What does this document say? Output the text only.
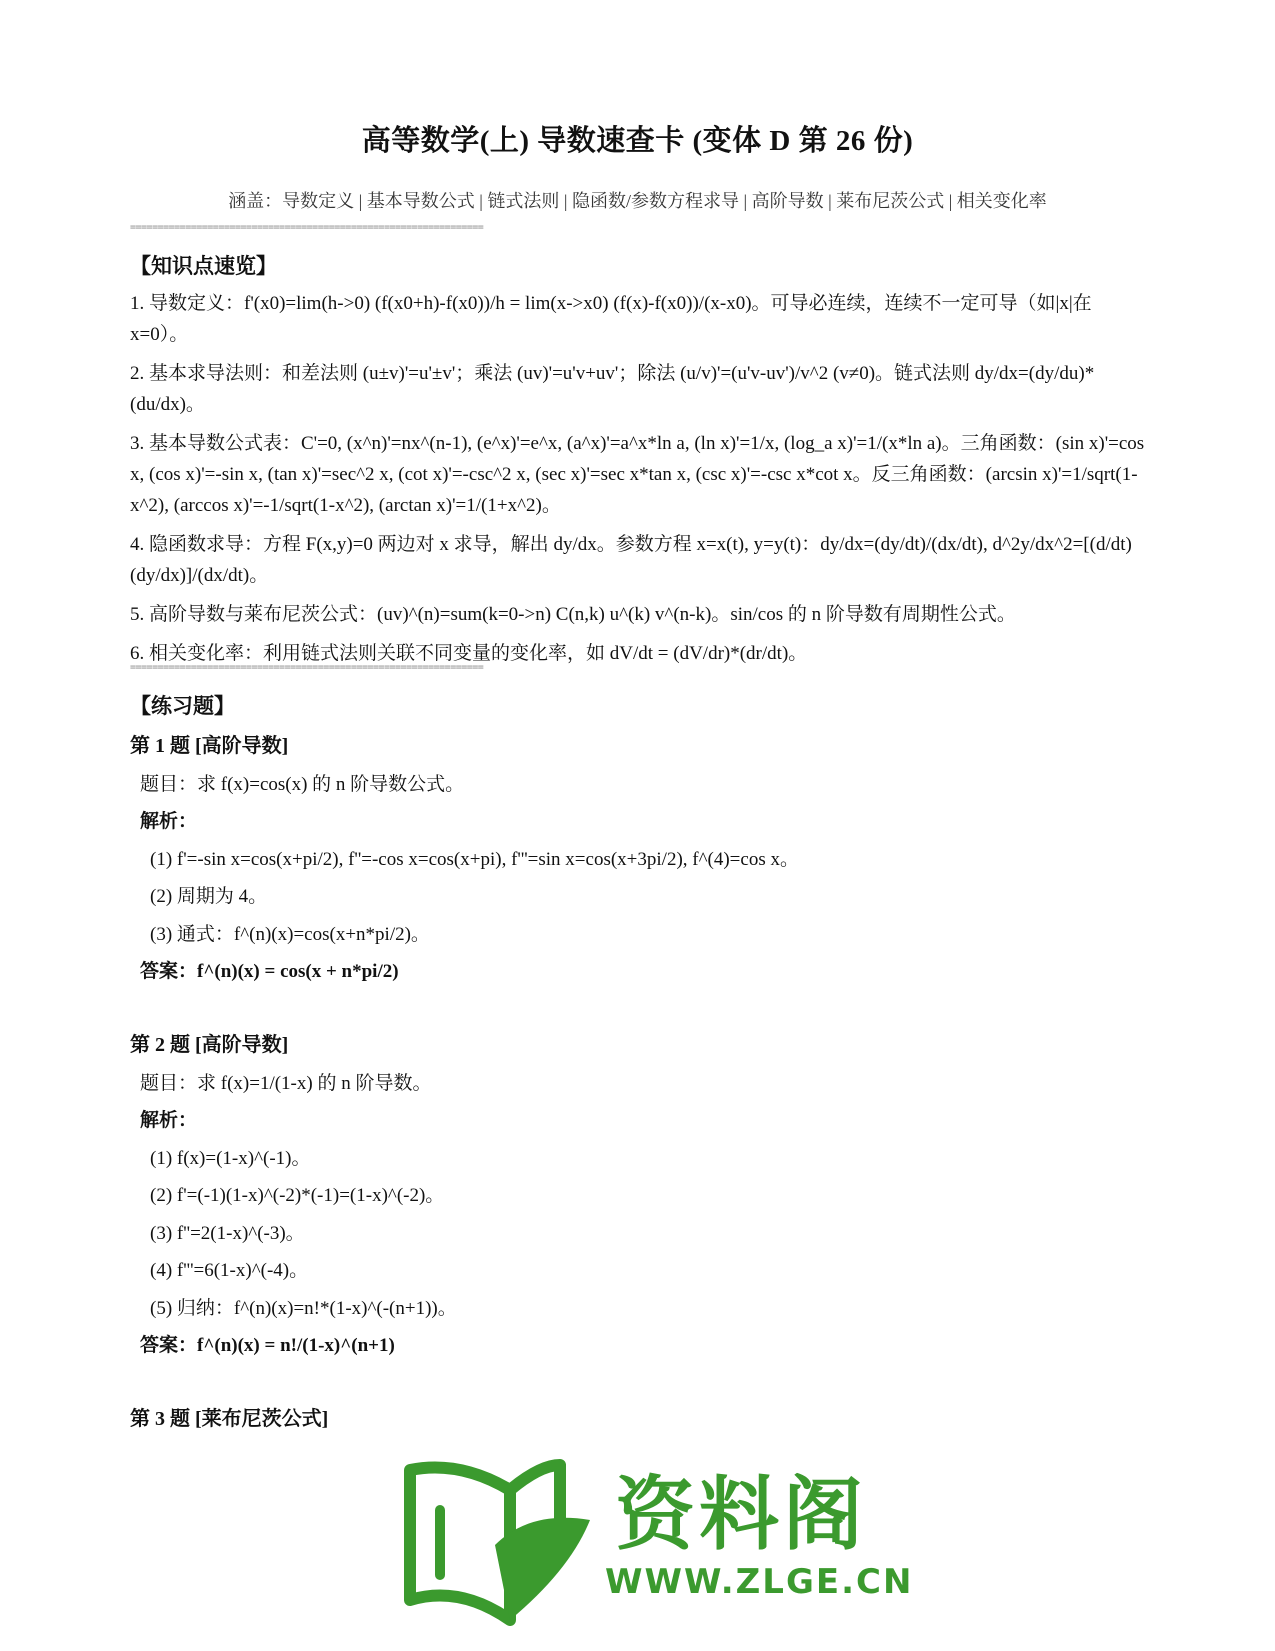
高等数学(上) 导数速查卡 (变体 D 第 26 份)
涵盖：导数定义 | 基本导数公式 | 链式法则 | 隐函数/参数方程求导 | 高阶导数 | 莱布尼茨公式 | 相关变化率
================================================================
【知识点速览】

1. 导数定义：f'(x0)=lim(h->0) (f(x0+h)-f(x0))/h = lim(x->x0) (f(x)-f(x0))/(x-x0)。可导必连续，连续不一定可导（如|x|在 x=0）。

2. 基本求导法则：和差法则 (u±v)'=u'±v'；乘法 (uv)'=u'v+uv'；除法 (u/v)'=(u'v-uv')/v^2 (v≠0)。链式法则 dy/dx=(dy/du)*(du/dx)。

3. 基本导数公式表：C'=0, (x^n)'=nx^(n-1), (e^x)'=e^x, (a^x)'=a^x*ln a, (ln x)'=1/x, (log_a x)'=1/(x*ln a)。三角函数：(sin x)'=cos x, (cos x)'=-sin x, (tan x)'=sec^2 x, (cot x)'=-csc^2 x, (sec x)'=sec x*tan x, (csc x)'=-csc x*cot x。反三角函数：(arcsin x)'=1/sqrt(1-x^2), (arccos x)'=-1/sqrt(1-x^2), (arctan x)'=1/(1+x^2)。

4. 隐函数求导：方程 F(x,y)=0 两边对 x 求导，解出 dy/dx。参数方程 x=x(t), y=y(t)：dy/dx=(dy/dt)/(dx/dt), d^2y/dx^2=[(d/dt)(dy/dx)]/(dx/dt)。

5. 高阶导数与莱布尼茨公式：(uv)^(n)=sum(k=0->n) C(n,k) u^(k) v^(n-k)。sin/cos 的 n 阶导数有周期性公式。

6. 相关变化率：利用链式法则关联不同变量的变化率，如 dV/dt = (dV/dr)*(dr/dt)。

================================================================
【练习题】

第 1 题 [高阶导数]

题目：求 f(x)=cos(x) 的 n 阶导数公式。

解析：

(1) f'=-sin x=cos(x+pi/2), f''=-cos x=cos(x+pi), f'''=sin x=cos(x+3pi/2), f^(4)=cos x。

(2) 周期为 4。

(3) 通式：f^(n)(x)=cos(x+n*pi/2)。

答案：f^(n)(x) = cos(x + n*pi/2)

第 2 题 [高阶导数]

题目：求 f(x)=1/(1-x) 的 n 阶导数。

解析：

(1) f(x)=(1-x)^(-1)。

(2) f'=(-1)(1-x)^(-2)*(-1)=(1-x)^(-2)。

(3) f''=2(1-x)^(-3)。

(4) f'''=6(1-x)^(-4)。

(5) 归纳：f^(n)(x)=n!*(1-x)^(-(n+1))。

答案：f^(n)(x) = n!/(1-x)^(n+1)

第 3 题 [莱布尼茨公式]

资料阁
WWW.ZLGE.CN
